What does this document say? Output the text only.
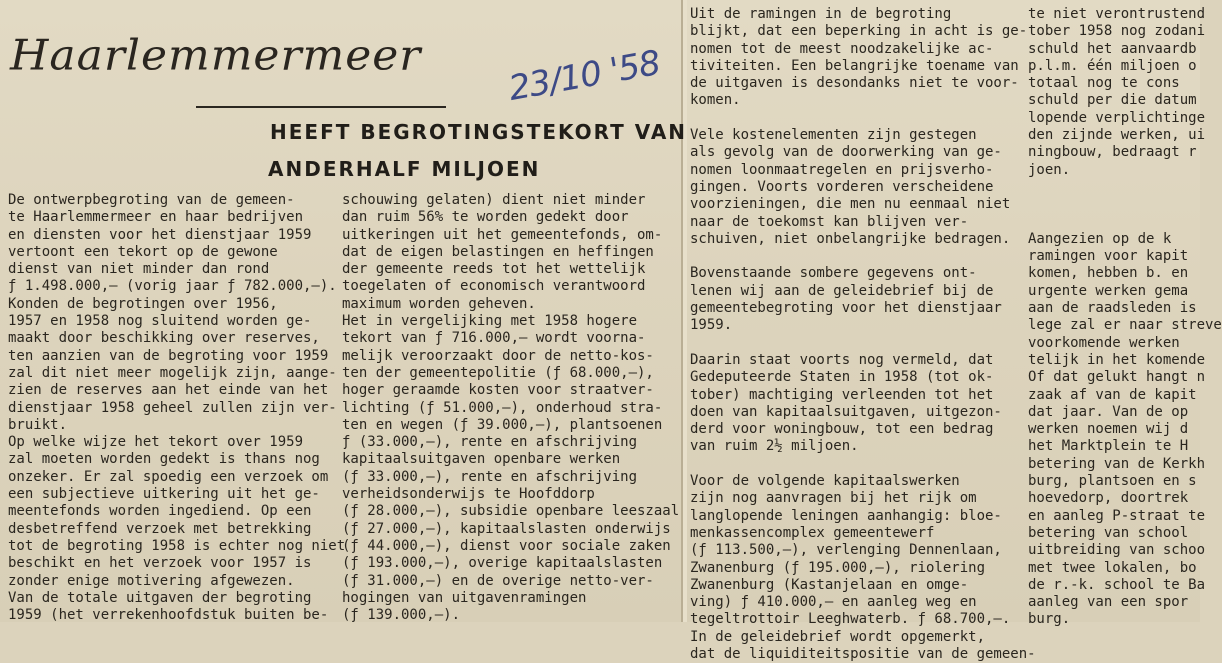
Haarlemmermeer 23/10 '58
HEEFT BEGROTINGSTEKORT VAN
ANDERHALF MILJOEN
De ontwerpbegroting van de gemeen-
te Haarlemmermeer en haar bedrijven
en diensten voor het dienstjaar 1959
vertoont een tekort op de gewone
dienst van niet minder dan rond
ƒ 1.498.000,— (vorig jaar ƒ 782.000,—).
Konden de begrotingen over 1956,
1957 en 1958 nog sluitend worden ge-
maakt door beschikking over reserves,
ten aanzien van de begroting voor 1959
zal dit niet meer mogelijk zijn, aange-
zien de reserves aan het einde van het
dienstjaar 1958 geheel zullen zijn ver-
bruikt.
Op welke wijze het tekort over 1959
zal moeten worden gedekt is thans nog
onzeker. Er zal spoedig een verzoek om
een subjectieve uitkering uit het ge-
meentefonds worden ingediend. Op een
desbetreffend verzoek met betrekking
tot de begroting 1958 is echter nog niet
beschikt en het verzoek voor 1957 is
zonder enige motivering afgewezen.
Van de totale uitgaven der begroting
1959 (het verrekenhoofdstuk buiten be-
schouwing gelaten) dient niet minder
dan ruim 56% te worden gedekt door
uitkeringen uit het gemeentefonds, om-
dat de eigen belastingen en heffingen
der gemeente reeds tot het wettelijk
toegelaten of economisch verantwoord
maximum worden geheven.
Het in vergelijking met 1958 hogere
tekort van ƒ 716.000,— wordt voorna-
melijk veroorzaakt door de netto-kos-
ten der gemeentepolitie (ƒ 68.000,—),
hoger geraamde kosten voor straatver-
lichting (ƒ 51.000,—), onderhoud stra-
ten en wegen (ƒ 39.000,—), plantsoenen
ƒ (33.000,—), rente en afschrijving
kapitaalsuitgaven openbare werken
(ƒ 33.000,—), rente en afschrijving
verheidsonderwijs te Hoofddorp
(ƒ 28.000,—), subsidie openbare leeszaal
(ƒ 27.000,—), kapitaalslasten onderwijs
(ƒ 44.000,—), dienst voor sociale zaken
(ƒ 193.000,—), overige kapitaalslasten
(ƒ 31.000,—) en de overige netto-ver-
hogingen van uitgavenramingen
(ƒ 139.000,—).
Uit de ramingen in de begroting
blijkt, dat een beperking in acht is ge-
nomen tot de meest noodzakelijke ac-
tiviteiten. Een belangrijke toename van
de uitgaven is desondanks niet te voor-
komen.
Vele kostenelementen zijn gestegen
als gevolg van de doorwerking van ge-
nomen loonmaatregelen en prijsverho-
gingen. Voorts vorderen verscheidene
voorzieningen, die men nu eenmaal niet
naar de toekomst kan blijven ver-
schuiven, niet onbelangrijke bedragen.
Bovenstaande sombere gegevens ont-
lenen wij aan de geleidebrief bij de
gemeentebegroting voor het dienstjaar
1959.
Daarin staat voorts nog vermeld, dat
Gedeputeerde Staten in 1958 (tot ok-
tober) machtiging verleenden tot het
doen van kapitaalsuitgaven, uitgezon-
derd voor woningbouw, tot een bedrag
van ruim 2½ miljoen.
Voor de volgende kapitaalswerken
zijn nog aanvragen bij het rijk om
langlopende leningen aanhangig: bloe-
menkassencomplex gemeentewerf
(ƒ 113.500,—), verlenging Dennenlaan,
Zwanenburg (ƒ 195.000,—), riolering
Zwanenburg (Kastanjelaan en omge-
ving) ƒ 410.000,— en aanleg weg en
tegeltrottoir Leeghwaterb. ƒ 68.700,—.
In de geleidebrief wordt opgemerkt,
dat de liquiditeitspositie van de gemeen-
te niet verontrustend
tober 1958 nog zodani
schuld het aanvaardb
p.l.m. één miljoen o
totaal nog te cons
schuld per die datum
lopende verplichtinge
den zijnde werken, ui
ningbouw, bedraagt r
joen.
Aangezien op de k
ramingen voor kapit
komen, hebben b. en
urgente werken gema
aan de raadsleden is
lege zal er naar streve
voorkomende werken
telijk in het komende
Of dat gelukt hangt n
zaak af van de kapit
dat jaar. Van de op
werken noemen wij d
het Marktplein te H
betering van de Kerkh
burg, plantsoen en s
hoevedorp, doortrek
en aanleg P-straat te
betering van school
uitbreiding van schoo
met twee lokalen, bo
de r.-k. school te Ba
aanleg van een spor
burg.
